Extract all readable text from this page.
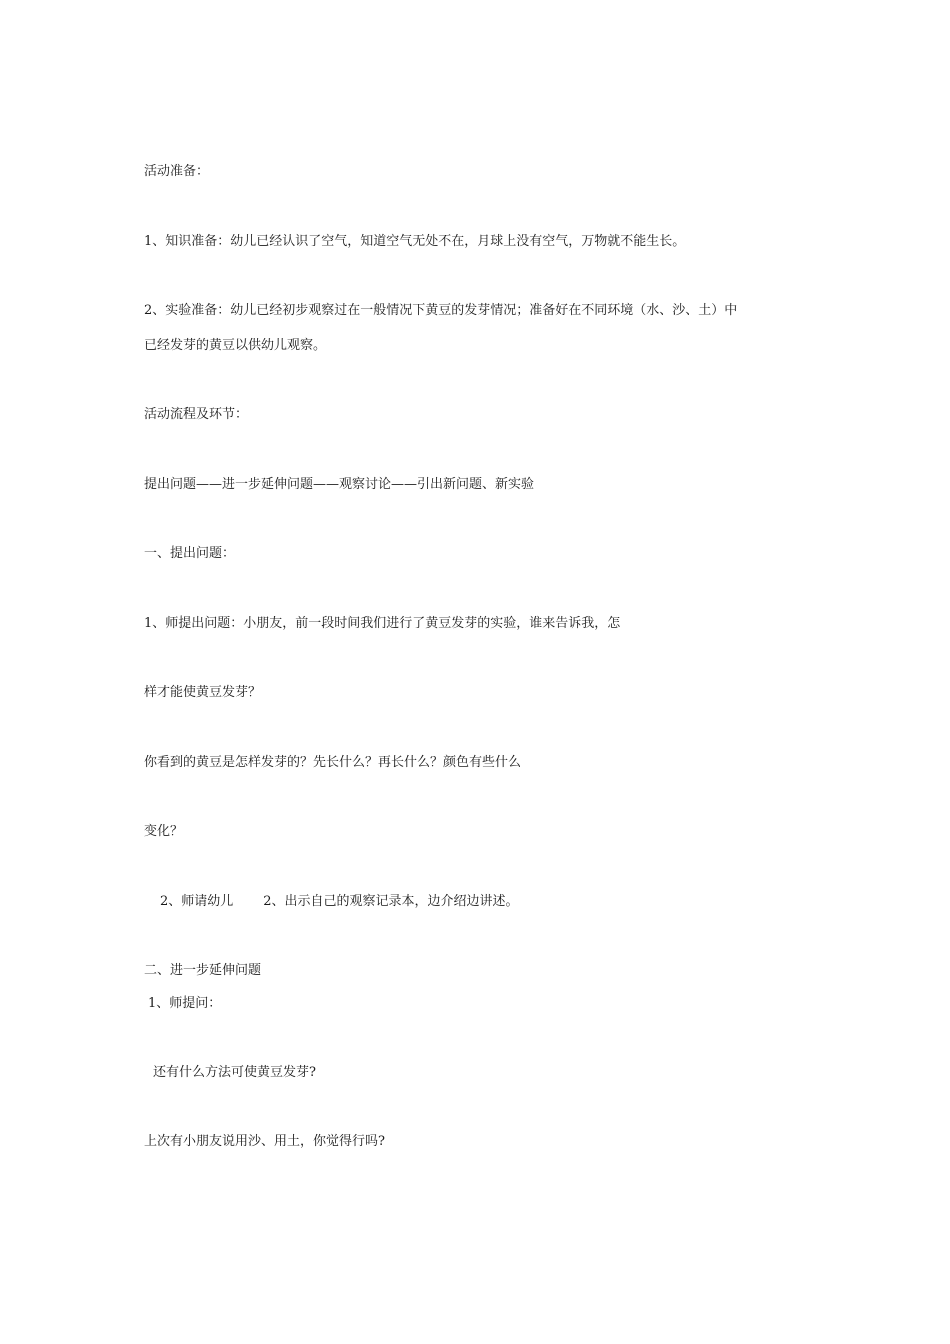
活动准备：

1、知识准备：幼儿已经认识了空气，知道空气无处不在，月球上没有空气，万物就不能生长。

2、实验准备：幼儿已经初步观察过在一般情况下黄豆的发芽情况；准备好在不同环境（水、沙、土）中

已经发芽的黄豆以供幼儿观察。

活动流程及环节：

提出问题——进一步延伸问题——观察讨论——引出新问题、新实验

一、提出问题：

1、师提出问题：小朋友，前一段时间我们进行了黄豆发芽的实验，谁来告诉我，怎

样才能使黄豆发芽？

你看到的黄豆是怎样发芽的？先长什么？再长什么？颜色有些什么

变化？

2、师请幼儿 2、出示自己的观察记录本，边介绍边讲述。

二、进一步延伸问题

1、师提问：

还有什么方法可使黄豆发芽?

上次有小朋友说用沙、用土，你觉得行吗?
